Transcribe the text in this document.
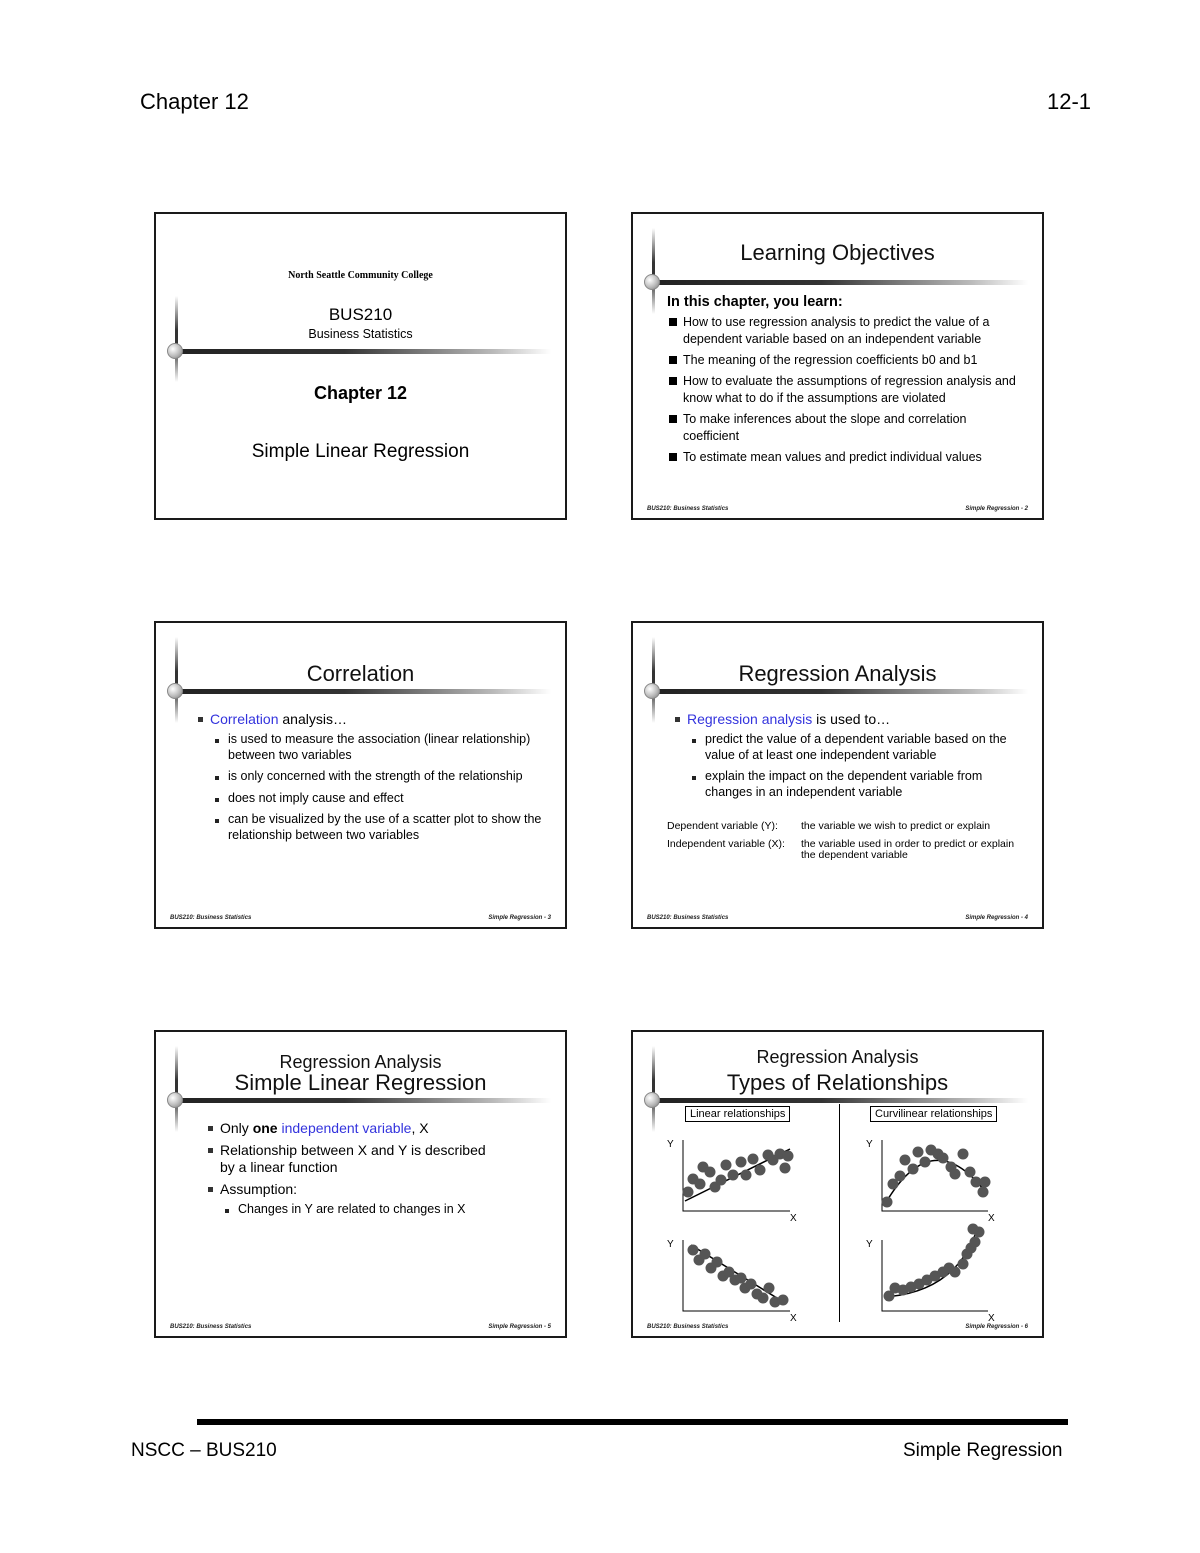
Chapter 12	12-1
North Seattle Community College
BUS210
Business Statistics
Chapter 12
Simple Linear Regression
Learning Objectives
In this chapter, you learn:
How to use regression analysis to predict the value of a dependent variable based on an independent variable
The meaning of the regression coefficients b0 and b1
How to evaluate the assumptions of regression analysis and know what to do if the assumptions are violated
To make inferences about the slope and correlation coefficient
To estimate mean values and predict individual values
BUS210: Business Statistics	Simple Regression - 2
Correlation
Correlation analysis…
is used to measure the association (linear relationship) between two variables
is only concerned with the strength of the relationship
does not imply cause and effect
can be visualized by the use of a scatter plot to show the relationship between two variables
BUS210: Business Statistics	Simple Regression - 3
Regression Analysis
Regression analysis is used to…
predict the value of a dependent variable based on the value of at least one independent variable
explain the impact on the dependent variable from changes in an independent variable
Dependent variable (Y): the variable we wish to predict or explain
Independent variable (X): the variable used in order to predict or explain the dependent variable
BUS210: Business Statistics	Simple Regression - 4
Regression Analysis
Simple Linear Regression
Only one independent variable, X
Relationship between X and Y is described by a linear function
Assumption:
Changes in Y are related to changes in X
BUS210: Business Statistics	Simple Regression - 5
Regression Analysis
Types of Relationships
Linear relationships	Curvilinear relationships
Y
X
Y
X
Y
X
Y
X
BUS210: Business Statistics	Simple Regression - 6
NSCC – BUS210	Simple Regression
